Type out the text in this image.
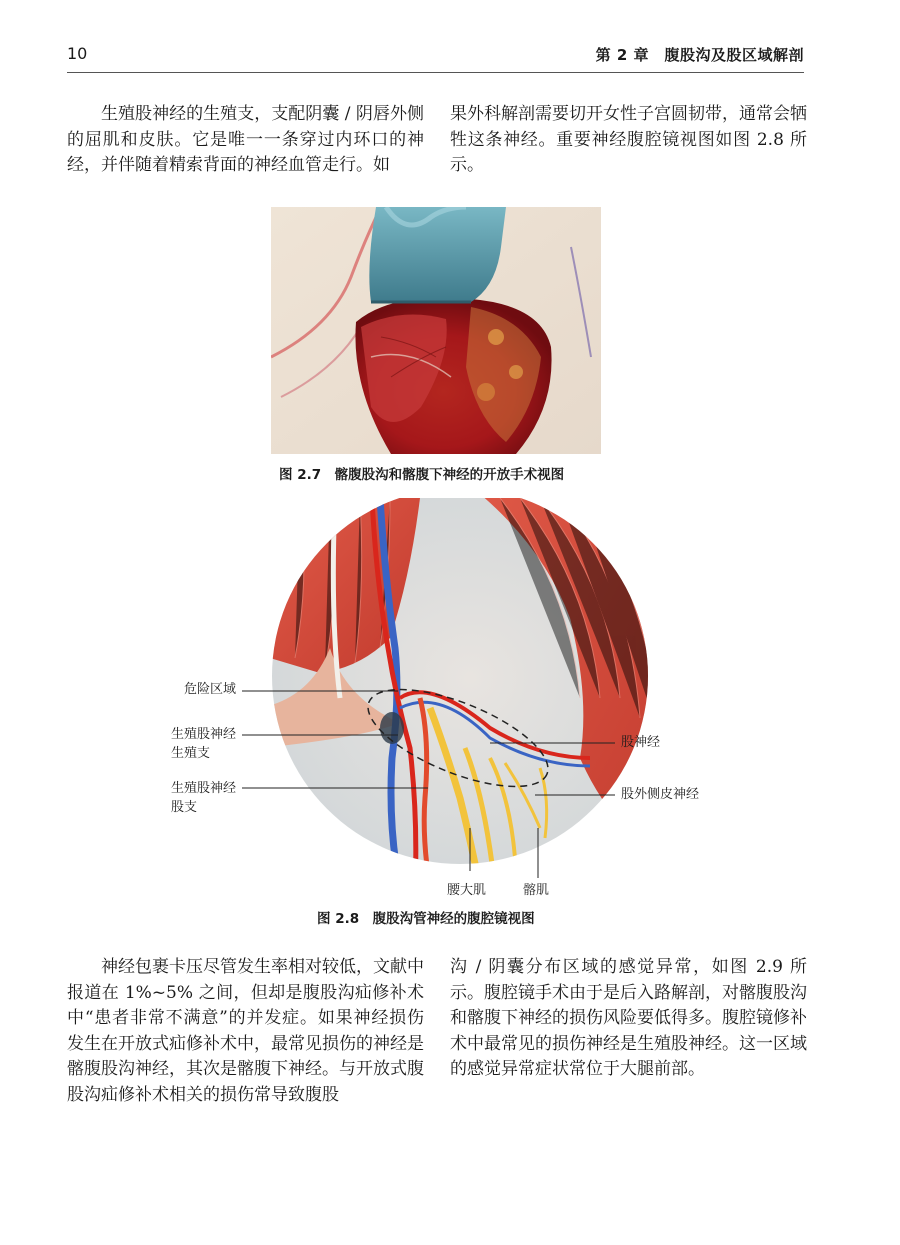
10	第 2 章　腹股沟及股区域解剖

生殖股神经的生殖支，支配阴囊 / 阴唇外侧的屈肌和皮肤。它是唯一一条穿过内环口的神经，并伴随着精索背面的神经血管走行。如

果外科解剖需要切开女性子宫圆韧带，通常会牺牲这条神经。重要神经腹腔镜视图如图 2.8 所示。

图 2.7　髂腹股沟和髂腹下神经的开放手术视图
危险区域
生殖股神经
生殖支
生殖股神经
股支
股神经
股外侧皮神经
腰大肌	髂肌
图 2.8　腹股沟管神经的腹腔镜视图

神经包裹卡压尽管发生率相对较低，文献中报道在 1%~5% 之间，但却是腹股沟疝修补术中“患者非常不满意”的并发症。如果神经损伤发生在开放式疝修补术中，最常见损伤的神经是髂腹股沟神经，其次是髂腹下神经。与开放式腹股沟疝修补术相关的损伤常导致腹股

沟 / 阴囊分布区域的感觉异常，如图 2.9 所示。腹腔镜手术由于是后入路解剖，对髂腹股沟和髂腹下神经的损伤风险要低得多。腹腔镜修补术中最常见的损伤神经是生殖股神经。这一区域的感觉异常症状常位于大腿前部。
